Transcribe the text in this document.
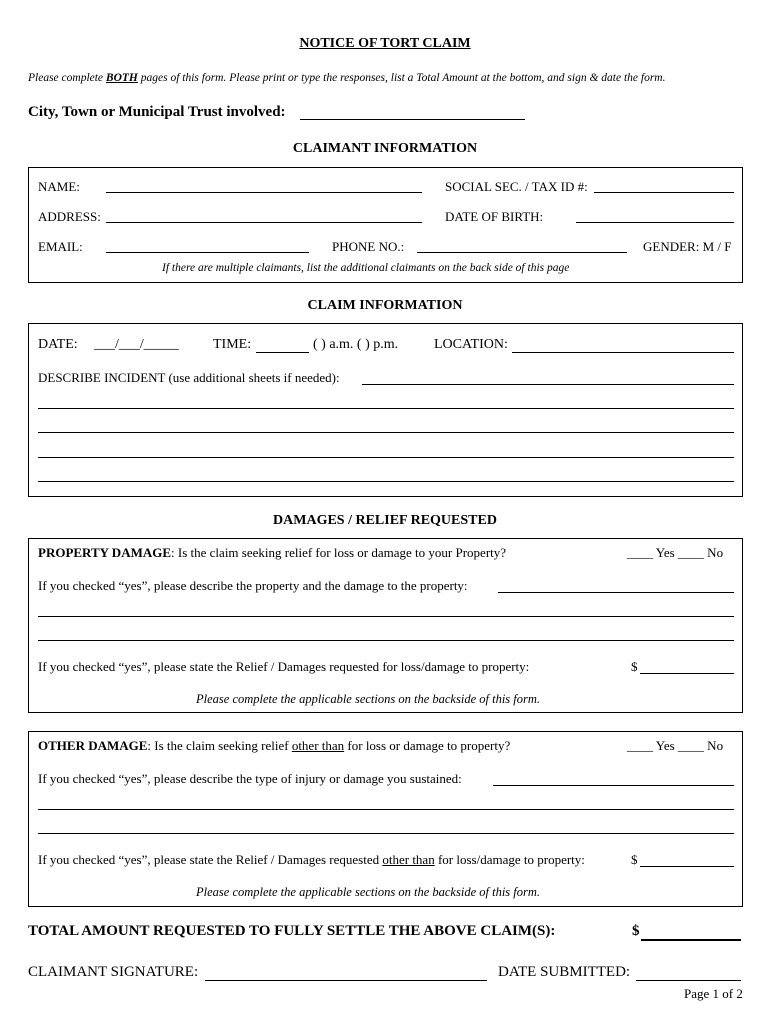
NOTICE OF TORT CLAIM
Please complete BOTH pages of this form. Please print or type the responses, list a Total Amount at the bottom, and sign & date the form.
City, Town or Municipal Trust involved:
CLAIMANT INFORMATION
NAME:	SOCIAL SEC. / TAX ID #:
ADDRESS:	DATE OF BIRTH:
EMAIL:	PHONE NO.:	GENDER: M / F
If there are multiple claimants, list the additional claimants on the back side of this page
CLAIM INFORMATION
DATE: ___/___/_____ TIME:	( ) a.m. ( ) p.m.	LOCATION:
DESCRIBE INCIDENT (use additional sheets if needed):
DAMAGES / RELIEF REQUESTED
PROPERTY DAMAGE: Is the claim seeking relief for loss or damage to your Property?	____ Yes ____ No
If you checked “yes”, please describe the property and the damage to the property:
If you checked “yes”, please state the Relief / Damages requested for loss/damage to property:	$
Please complete the applicable sections on the backside of this form.
OTHER DAMAGE: Is the claim seeking relief other than for loss or damage to property?	____ Yes ____ No
If you checked “yes”, please describe the type of injury or damage you sustained:
If you checked “yes”, please state the Relief / Damages requested other than for loss/damage to property:	$
Please complete the applicable sections on the backside of this form.
TOTAL AMOUNT REQUESTED TO FULLY SETTLE THE ABOVE CLAIM(S):	$
CLAIMANT SIGNATURE:	DATE SUBMITTED:
Page 1 of 2
